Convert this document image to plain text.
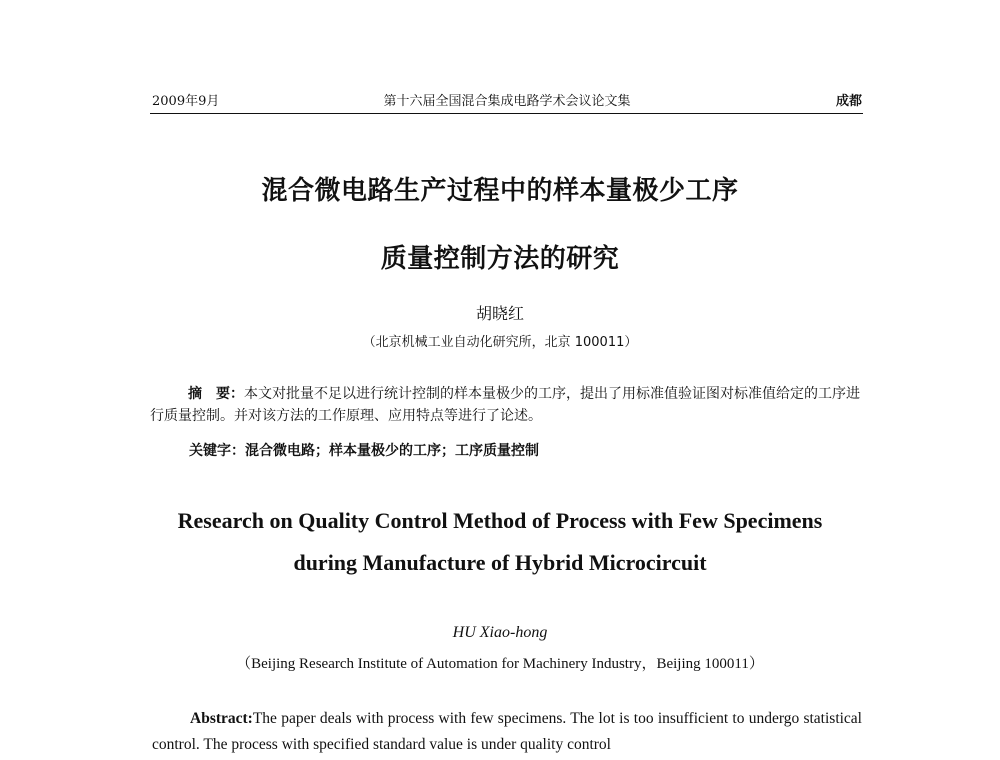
2009年9月	第十六届全国混合集成电路学术会议论文集	成都
混合微电路生产过程中的样本量极少工序
质量控制方法的研究
胡晓红
（北京机械工业自动化研究所，北京 100011）
摘　要：本文对批量不足以进行统计控制的样本量极少的工序，提出了用标准值验证图对标准值给定的工序进行质量控制。并对该方法的工作原理、应用特点等进行了论述。
关键字：混合微电路；样本量极少的工序；工序质量控制
Research on Quality Control Method of Process with Few Specimens
during Manufacture of Hybrid Microcircuit
HU Xiao-hong
（Beijing Research Institute of Automation for Machinery Industry，Beijing 100011）
Abstract:The paper deals with process with few specimens. The lot is too insufficient to undergo statistical control. The process with specified standard value is under quality control
